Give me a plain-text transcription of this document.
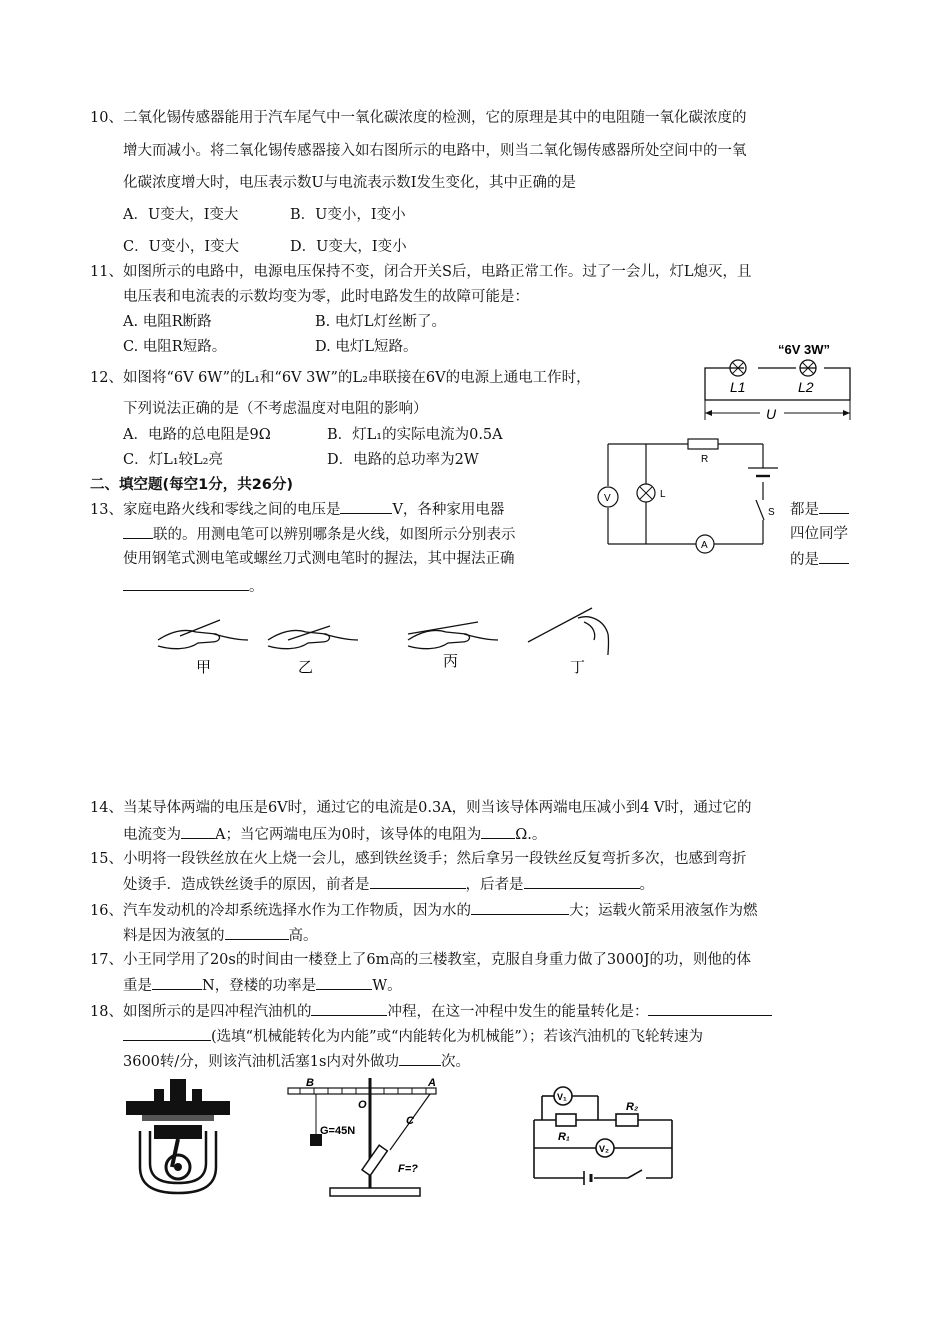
10、二氧化锡传感器能用于汽车尾气中一氧化碳浓度的检测，它的原理是其中的电阻随一氧化碳浓度的
增大而减小。将二氧化锡传感器接入如右图所示的电路中，则当二氧化锡传感器所处空间中的一氧
化碳浓度增大时，电压表示数U与电流表示数I发生变化，其中正确的是
A．U变大，I变大	B．U变小，I变小
C．U变小，I变大	D．U变大，I变小
11、如图所示的电路中，电源电压保持不变，闭合开关S后，电路正常工作。过了一会儿，灯L熄灭，且
电压表和电流表的示数均变为零，此时电路发生的故障可能是：
A. 电阻R断路	B. 电灯L灯丝断了。
C. 电阻R短路。	D. 电灯L短路。
12、如图将“6V 6W”的L₁和“6V 3W”的L₂串联接在6V的电源上通电工作时，
下列说法正确的是（不考虑温度对电阻的影响）
A．电路的总电阻是9Ω	B．灯L₁的实际电流为0.5A
C．灯L₁较L₂亮	D．电路的总功率为2W
二、填空题(每空1分，共26分)
13、家庭电路火线和零线之间的电压是	V，各种家用电器	都是
联的。用测电笔可以辨别哪条是火线，如图所示分别表示	四位同学
使用钢笔式测电笔或螺丝刀式测电笔时的握法，其中握法正确	的是
。
14、当某导体两端的电压是6V时，通过它的电流是0.3A，则当该导体两端电压减小到4 V时，通过它的
电流变为 A；当它两端电压为0时，该导体的电阻为 Ω.。
15、小明将一段铁丝放在火上烧一会儿，感到铁丝烫手；然后拿另一段铁丝反复弯折多次，也感到弯折
处烫手．造成铁丝烫手的原因，前者是	，后者是	。
16、汽车发动机的冷却系统选择水作为工作物质，因为水的	大；运载火箭采用液氢作为燃
料是因为液氢的	高。
17、小王同学用了20s的时间由一楼登上了6m高的三楼教室，克服自身重力做了3000J的功，则他的体
重是	N，登楼的功率是	W。
18、如图所示的是四冲程汽油机的	冲程，在这一冲程中发生的能量转化是：
(选填“机械能转化为内能”或“内能转化为机械能”）；若该汽油机的飞轮转速为
3600转/分，则该汽油机活塞1s内对外做功	次。
“6V 3W”
L1	L2
U
V
A
R
L
S
甲	乙	丙	丁
B	A
O
C
G=45N
F=?
V₁
V₂
R₁
R₂
